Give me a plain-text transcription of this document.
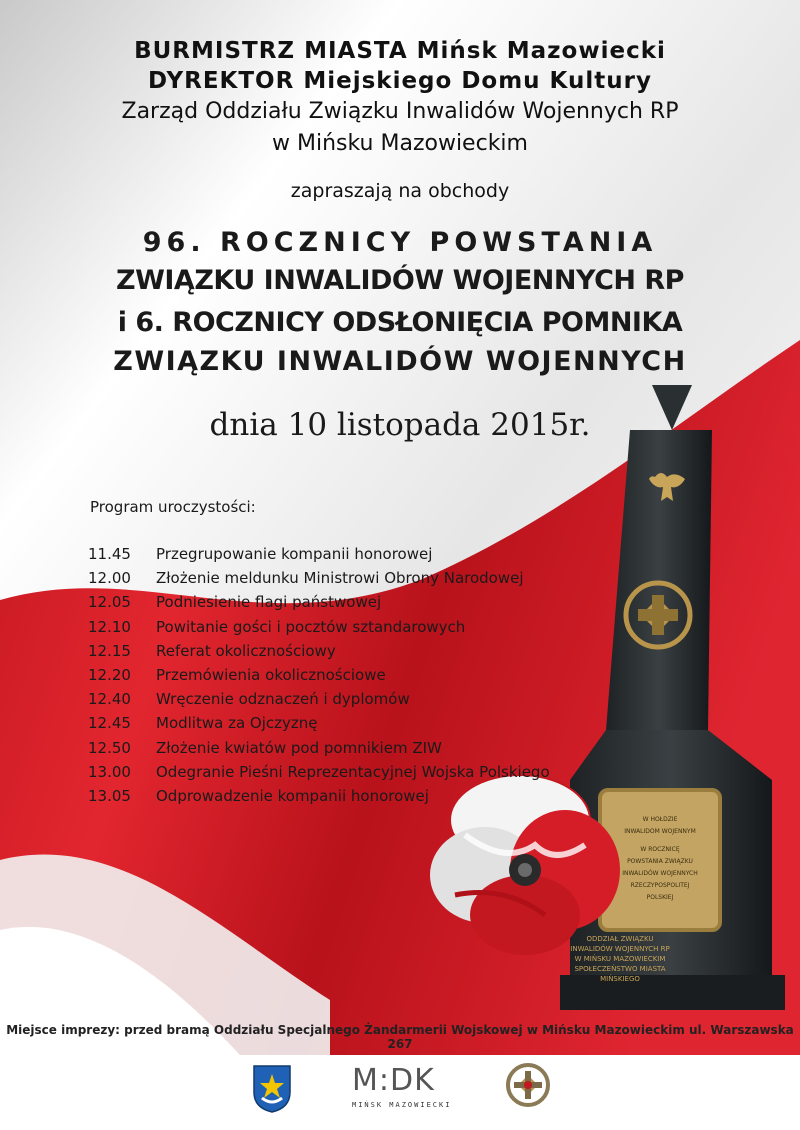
W HOŁDZIE
INWALIDOM WOJENNYM
W ROCZNICĘ
POWSTANIA ZWIĄZKU
INWALIDÓW WOJENNYCH
RZECZYPOSPOLITEJ
POLSKIEJ
ODDZIAŁ ZWIĄZKU
INWALIDÓW WOJENNYCH RP
W MIŃSKU MAZOWIECKIM
SPOŁECZEŃSTWO MIASTA
MIŃSKIEGO
BURMISTRZ MIASTA Mińsk Mazowiecki
DYREKTOR Miejskiego Domu Kultury
Zarząd Oddziału Związku Inwalidów Wojennych RP
w Mińsku Mazowieckim
zapraszają na obchody
96. ROCZNICY POWSTANIA
ZWIĄZKU INWALIDÓW WOJENNYCH RP
i 6. ROCZNICY ODSŁONIĘCIA POMNIKA
ZWIĄZKU INWALIDÓW WOJENNYCH
dnia 10 listopada 2015r.
Program uroczystości:
11.45 Przegrupowanie kompanii honorowej
12.00 Złożenie meldunku Ministrowi Obrony Narodowej
12.05 Podniesienie flagi państwowej
12.10 Powitanie gości i pocztów sztandarowych
12.15 Referat okolicznościowy
12.20 Przemówienia okolicznościowe
12.40 Wręczenie odznaczeń i dyplomów
12.45 Modlitwa za Ojczyznę
12.50 Złożenie kwiatów pod pomnikiem ZIW
13.00 Odegranie Pieśni Reprezentacyjnej Wojska Polskiego
13.05 Odprowadzenie kompanii honorowej
Miejsce imprezy: przed bramą Oddziału Specjalnego Żandarmerii Wojskowej w Mińsku Mazowieckim ul. Warszawska 267
M:DK
MIŃSK MAZOWIECKI
